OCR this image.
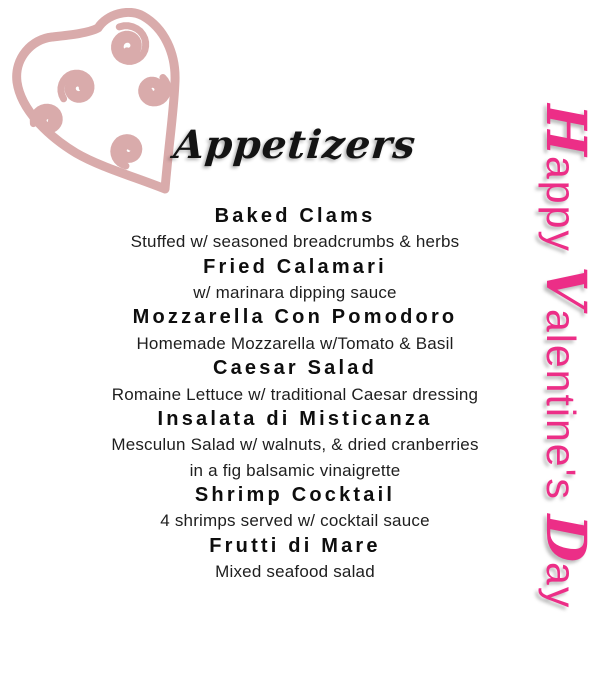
Appetizers

Baked Clams

Stuffed w/ seasoned breadcrumbs & herbs

Fried Calamari

w/ marinara dipping sauce

Mozzarella Con Pomodoro

Homemade Mozzarella w/Tomato & Basil

Caesar Salad

Romaine Lettuce w/ traditional Caesar dressing

Insalata di Misticanza

Mesculun Salad w/ walnuts, & dried cranberries

in a fig balsamic vinaigrette

Shrimp Cocktail

4 shrimps served w/ cocktail sauce

Frutti di Mare

Mixed seafood salad

Happy Valentine's Day
